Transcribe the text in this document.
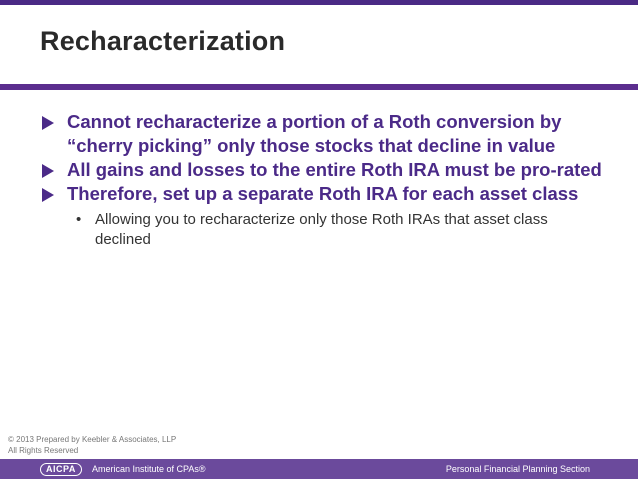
Recharacterization
Cannot recharacterize a portion of a Roth conversion by “cherry picking” only those stocks that decline in value
All gains and losses to the entire Roth IRA must be pro-rated
Therefore, set up a separate Roth IRA for each asset class
• Allowing you to recharacterize only those Roth IRAs that asset class declined
© 2013 Prepared by Keebler & Associates, LLP
All Rights Reserved
AICPA	American Institute of CPAs®	Personal Financial Planning Section
